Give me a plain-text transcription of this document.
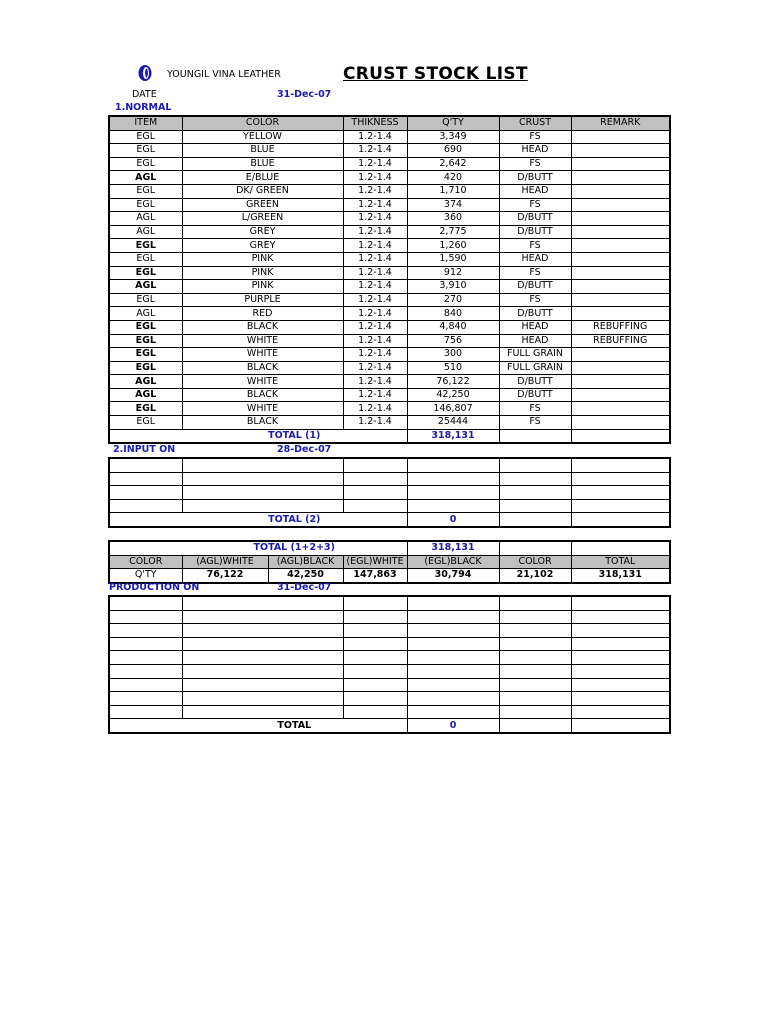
YOUNGIL VINA LEATHER	CRUST STOCK LIST
DATE	31-Dec-07
1.NORMAL
ITEM	COLOR	THIKNESS	Q'TY	CRUST	REMARK
EGL	YELLOW	1.2-1.4	3,349	FS	
EGL	BLUE	1.2-1.4	690	HEAD	
EGL	BLUE	1.2-1.4	2,642	FS	
AGL	E/BLUE	1.2-1.4	420	D/BUTT	
EGL	DK/ GREEN	1.2-1.4	1,710	HEAD	
EGL	GREEN	1.2-1.4	374	FS	
AGL	L/GREEN	1.2-1.4	360	D/BUTT	
AGL	GREY	1.2-1.4	2,775	D/BUTT	
EGL	GREY	1.2-1.4	1,260	FS	
EGL	PINK	1.2-1.4	1,590	HEAD	
EGL	PINK	1.2-1.4	912	FS	
AGL	PINK	1.2-1.4	3,910	D/BUTT	
EGL	PURPLE	1.2-1.4	270	FS	
AGL	RED	1.2-1.4	840	D/BUTT	
EGL	BLACK	1.2-1.4	4,840	HEAD	REBUFFING
EGL	WHITE	1.2-1.4	756	HEAD	REBUFFING
EGL	WHITE	1.2-1.4	300	FULL GRAIN	
EGL	BLACK	1.2-1.4	510	FULL GRAIN	
AGL	WHITE	1.2-1.4	76,122	D/BUTT	
AGL	BLACK	1.2-1.4	42,250	D/BUTT	
EGL	WHITE	1.2-1.4	146,807	FS	
EGL	BLACK	1.2-1.4	25444	FS	
	TOTAL (1)		318,131		
2.INPUT ON	28-Dec-07

	TOTAL (2)		0		
	TOTAL (1+2+3)			318,131		
COLOR	(AGL)WHITE	(AGL)BLACK	(EGL)WHITE	(EGL)BLACK	COLOR	TOTAL
Q'TY	76,122	42,250	147,863	30,794	21,102	318,131
PRODUCTION ON	31-Dec-07

	TOTAL		0		
